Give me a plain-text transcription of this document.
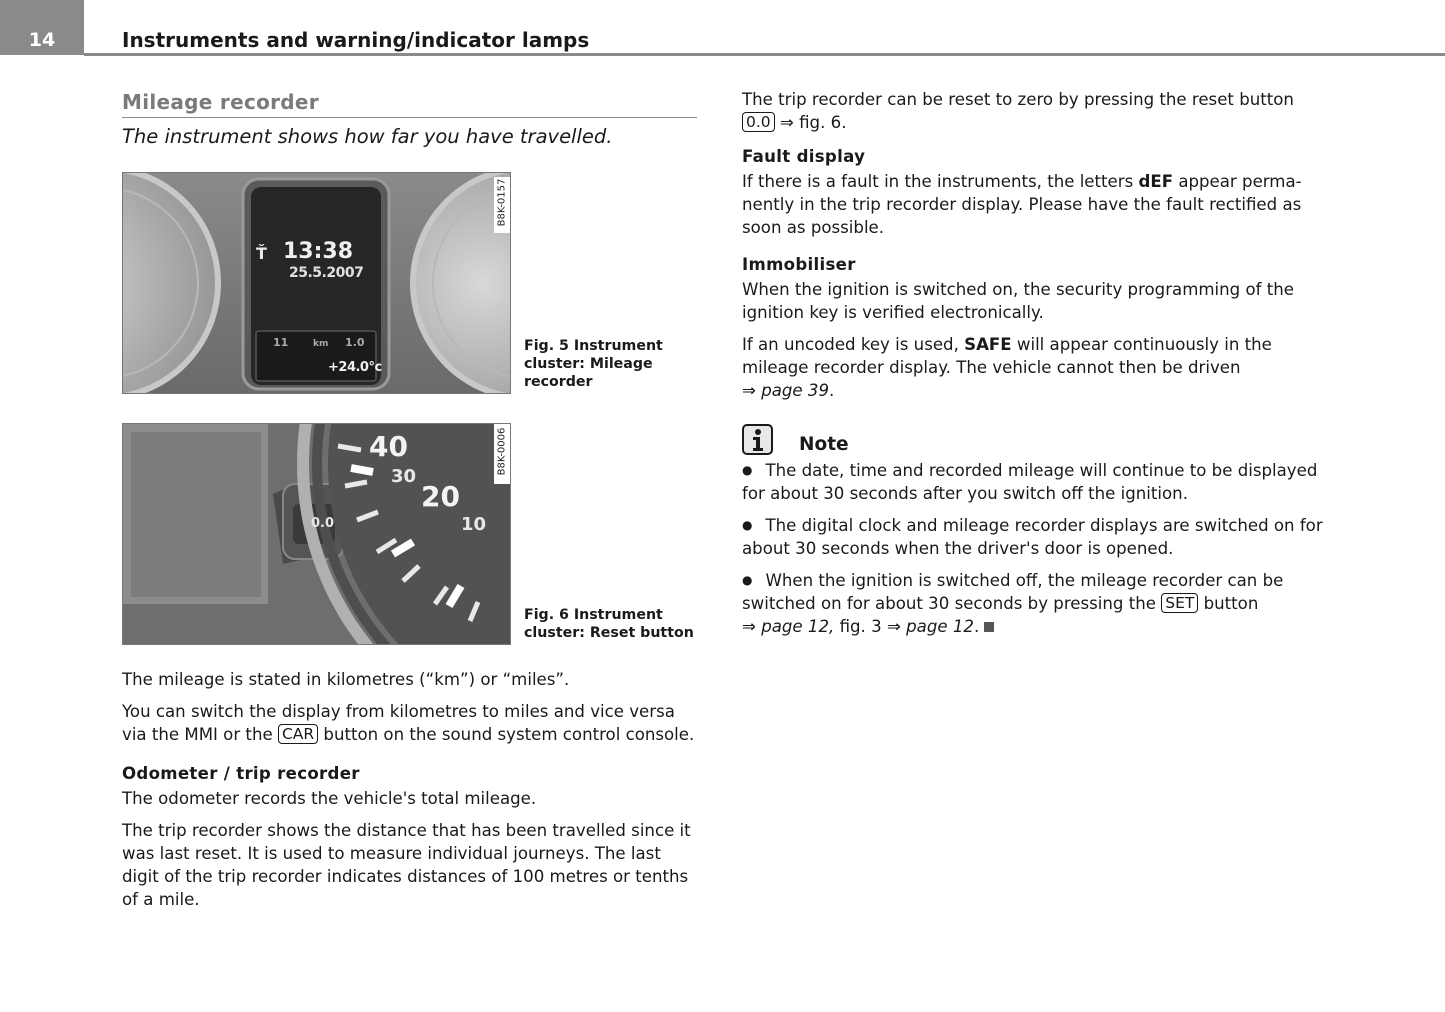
14	Instruments and warning/indicator lamps
Mileage recorder
The instrument shows how far you have travelled.
Ť 13:38
25.5.2007
11	km 1.0
+24.0°c
B8K-0157
Fig. 5 Instrument
cluster: Mileage
recorder
0.0
40
30
20
10
B8K-0006
Fig. 6 Instrument
cluster: Reset button

The mileage is stated in kilometres (“km”) or “miles”.

You can switch the display from kilometres to miles and vice versa via the MMI or the CAR button on the sound system control console.

Odometer / trip recorder

The odometer records the vehicle's total mileage.

The trip recorder shows the distance that has been travelled since it was last reset. It is used to measure individual journeys. The last digit of the trip recorder indicates distances of 100 metres or tenths of a mile.

The trip recorder can be reset to zero by pressing the reset button 0.0 ⇒ fig. 6.

Fault display

If there is a fault in the instruments, the letters dEF appear perma-nently in the trip recorder display. Please have the fault rectified as soon as possible.

Immobiliser

When the ignition is switched on, the security programming of the ignition key is verified electronically.

If an uncoded key is used, SAFE will appear continuously in the mileage recorder display. The vehicle cannot then be driven
⇒ page 39.

Note

● The date, time and recorded mileage will continue to be displayed for about 30 seconds after you switch off the ignition.

● The digital clock and mileage recorder displays are switched on for about 30 seconds when the driver's door is opened.

● When the ignition is switched off, the mileage recorder can be switched on for about 30 seconds by pressing the SET button
⇒ page 12, fig. 3 ⇒ page 12.
